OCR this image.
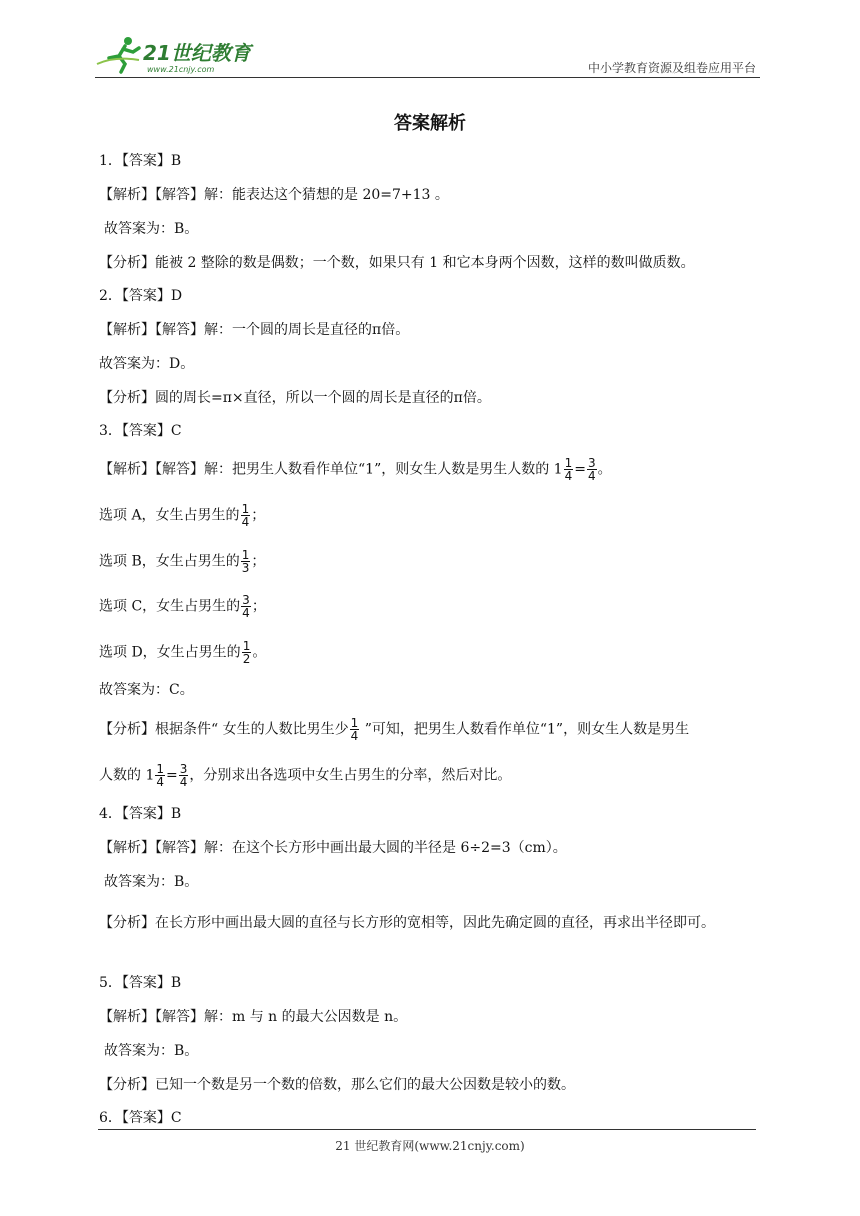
21世纪教育
www.21cnjy.com	中小学教育资源及组卷应用平台
答案解析
1．【答案】B
【解析】【解答】解：能表达这个猜想的是 20=7+13 。
故答案为：B。
【分析】能被 2 整除的数是偶数；一个数，如果只有 1 和它本身两个因数，这样的数叫做质数。
2．【答案】D
【解析】【解答】解：一个圆的周长是直径的π倍。
故答案为：D。
【分析】圆的周长=π×直径，所以一个圆的周长是直径的π倍。
3．【答案】C
【解析】【解答】解：把男生人数看作单位“1”，则女生人数是男生人数的 $1 \frac{1}{4} = \frac{3}{4}$ 。
选项 A，女生占男生的 $\frac{1}{4}$ ；
选项 B，女生占男生的 $\frac{1}{3}$ ；
选项 C，女生占男生的 $\frac{3}{4}$ ；
选项 D，女生占男生的 $\frac{1}{2}$ 。
故答案为：C。
【分析】根据条件“ 女生的人数比男生少 $\frac{1}{4}$ ”可知，把男生人数看作单位“1”，则女生人数是男生
人数的 $1 \frac{1}{4} = \frac{3}{4}$ ，分别求出各选项中女生占男生的分率，然后对比。
4．【答案】B
【解析】【解答】解：在这个长方形中画出最大圆的半径是 6÷2=3（cm）。
故答案为：B。
【分析】在长方形中画出最大圆的直径与长方形的宽相等，因此先确定圆的直径，再求出半径即可。
5．【答案】B
【解析】【解答】解：m 与 n 的最大公因数是 n。
故答案为：B。
【分析】已知一个数是另一个数的倍数，那么它们的最大公因数是较小的数。
6．【答案】C
21 世纪教育网(www.21cnjy.com)
